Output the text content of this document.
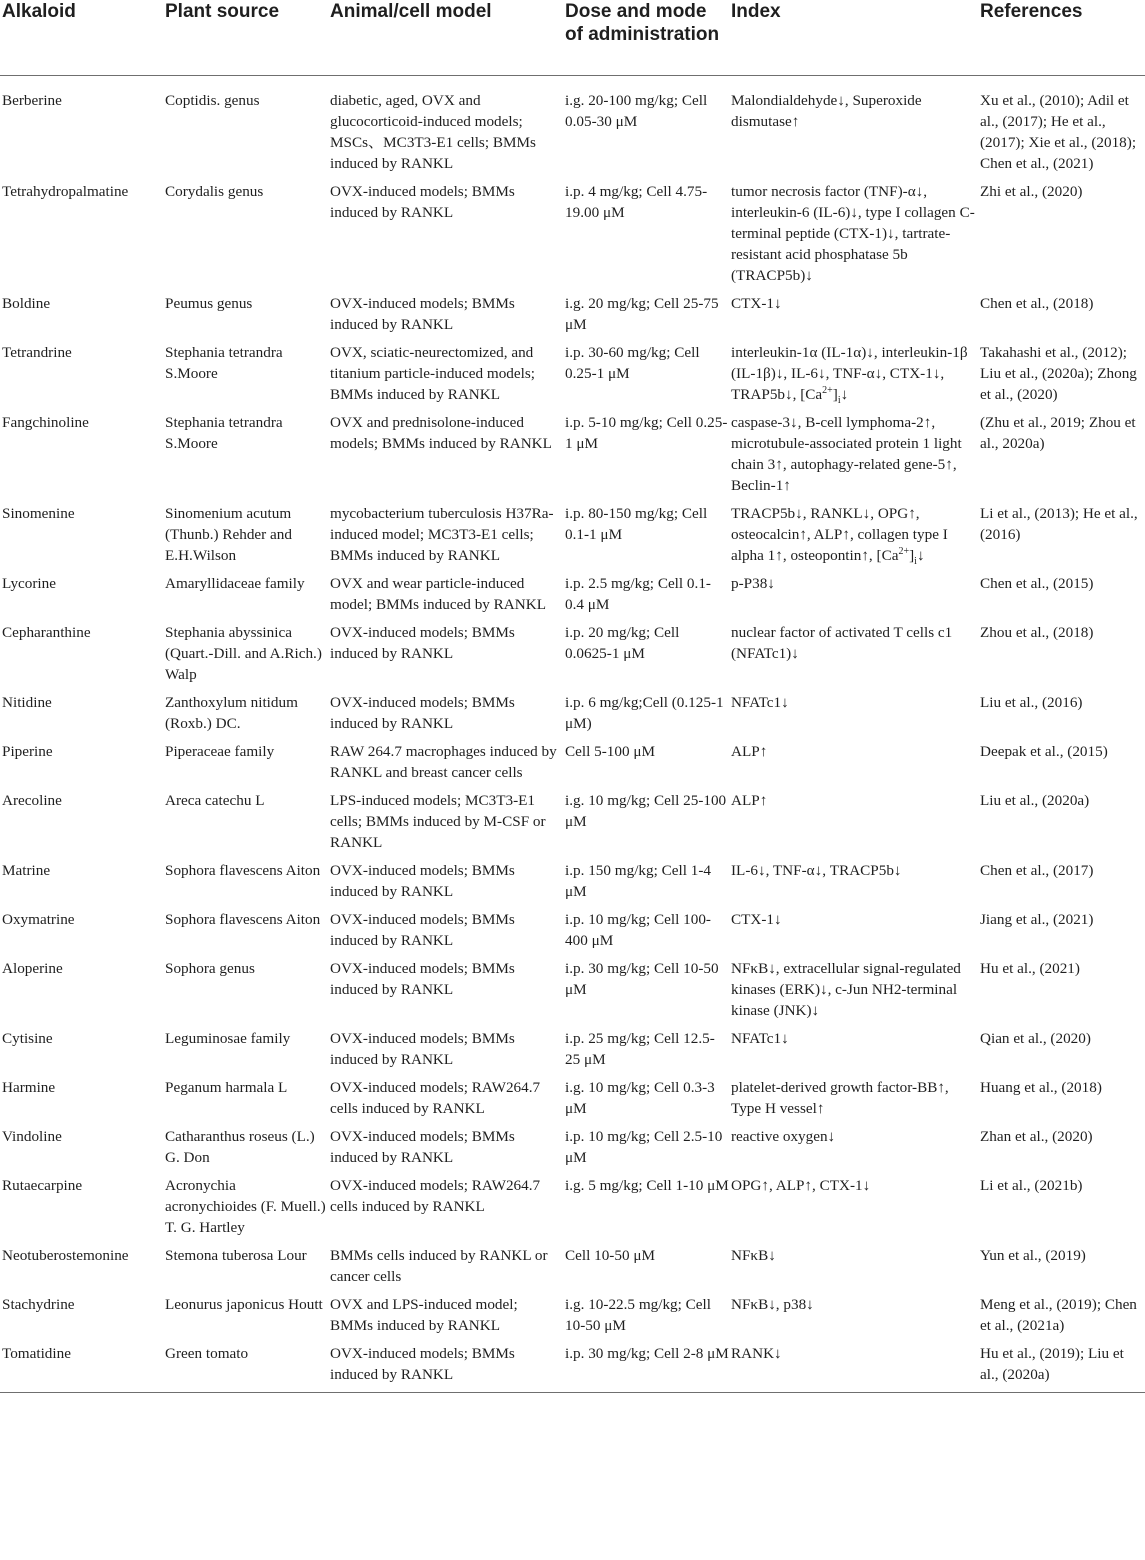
Alkaloid	Plant source	Animal/cell model	Dose and mode of administration	Index	References
Berberine	Coptidis. genus	diabetic, aged, OVX and glucocorticoid-induced models; MSCs、MC3T3-E1 cells; BMMs induced by RANKL	i.g. 20-100 mg/kg; Cell 0.05-30 μM	Malondialdehyde↓, Superoxide dismutase↑	Xu et al., (2010); Adil et al., (2017); He et al., (2017); Xie et al., (2018); Chen et al., (2021)
Tetrahydropalmatine	Corydalis genus	OVX-induced models; BMMs induced by RANKL	i.p. 4 mg/kg; Cell 4.75-19.00 μM	tumor necrosis factor (TNF)-α↓, interleukin-6 (IL-6)↓, type I collagen C-terminal peptide (CTX-1)↓, tartrate-resistant acid phosphatase 5b (TRACP5b)↓	Zhi et al., (2020)
Boldine	Peumus genus	OVX-induced models; BMMs induced by RANKL	i.g. 20 mg/kg; Cell 25-75 μM	CTX-1↓	Chen et al., (2018)
Tetrandrine	Stephania tetrandra S.Moore	OVX, sciatic-neurectomized, and titanium particle-induced models; BMMs induced by RANKL	i.p. 30-60 mg/kg; Cell 0.25-1 μM	interleukin-1α (IL-1α)↓, interleukin-1β (IL-1β)↓, IL-6↓, TNF-α↓, CTX-1↓, TRAP5b↓, $[Ca^{2+}]_i↓$	Takahashi et al., (2012); Liu et al., (2020a); Zhong et al., (2020)
Fangchinoline	Stephania tetrandra S.Moore	OVX and prednisolone-induced models; BMMs induced by RANKL	i.p. 5-10 mg/kg; Cell 0.25-1 μM	caspase-3↓, B-cell lymphoma-2↑, microtubule-associated protein 1 light chain 3↑, autophagy-related gene-5↑, Beclin-1↑	(Zhu et al., 2019; Zhou et al., 2020a)
Sinomenine	Sinomenium acutum (Thunb.) Rehder and E.H.Wilson	mycobacterium tuberculosis H37Ra-induced model; MC3T3-E1 cells; BMMs induced by RANKL	i.p. 80-150 mg/kg; Cell 0.1-1 μM	TRACP5b↓, RANKL↓, OPG↑, osteocalcin↑, ALP↑, collagen type I alpha 1↑, osteopontin↑, $[Ca^{2+}]_i↓$	Li et al., (2013); He et al., (2016)
Lycorine	Amaryllidaceae family	OVX and wear particle-induced model; BMMs induced by RANKL	i.p. 2.5 mg/kg; Cell 0.1-0.4 μM	p-P38↓	Chen et al., (2015)
Cepharanthine	Stephania abyssinica (Quart.-Dill. and A.Rich.) Walp	OVX-induced models; BMMs induced by RANKL	i.p. 20 mg/kg; Cell 0.0625-1 μM	nuclear factor of activated T cells c1 (NFATc1)↓	Zhou et al., (2018)
Nitidine	Zanthoxylum nitidum (Roxb.) DC.	OVX-induced models; BMMs induced by RANKL	i.p. 6 mg/kg;Cell (0.125-1 μM)	NFATc1↓	Liu et al., (2016)
Piperine	Piperaceae family	RAW 264.7 macrophages induced by RANKL and breast cancer cells	Cell 5-100 μM	ALP↑	Deepak et al., (2015)
Arecoline	Areca catechu L	LPS-induced models; MC3T3-E1 cells; BMMs induced by M-CSF or RANKL	i.g. 10 mg/kg; Cell 25-100 μM	ALP↑	Liu et al., (2020a)
Matrine	Sophora flavescens Aiton	OVX-induced models; BMMs induced by RANKL	i.p. 150 mg/kg; Cell 1-4 μM	IL-6↓, TNF-α↓, TRACP5b↓	Chen et al., (2017)
Oxymatrine	Sophora flavescens Aiton	OVX-induced models; BMMs induced by RANKL	i.p. 10 mg/kg; Cell 100-400 μM	CTX-1↓	Jiang et al., (2021)
Aloperine	Sophora genus	OVX-induced models; BMMs induced by RANKL	i.p. 30 mg/kg; Cell 10-50 μM	NFκB↓, extracellular signal-regulated kinases (ERK)↓, c-Jun NH2-terminal kinase (JNK)↓	Hu et al., (2021)
Cytisine	Leguminosae family	OVX-induced models; BMMs induced by RANKL	i.p. 25 mg/kg; Cell 12.5-25 μM	NFATc1↓	Qian et al., (2020)
Harmine	Peganum harmala L	OVX-induced models; RAW264.7 cells induced by RANKL	i.g. 10 mg/kg; Cell 0.3-3 μM	platelet-derived growth factor-BB↑, Type H vessel↑	Huang et al., (2018)
Vindoline	Catharanthus roseus (L.) G. Don	OVX-induced models; BMMs induced by RANKL	i.p. 10 mg/kg; Cell 2.5-10 μM	reactive oxygen↓	Zhan et al., (2020)
Rutaecarpine	Acronychia acronychioides (F. Muell.) T. G. Hartley	OVX-induced models; RAW264.7 cells induced by RANKL	i.g. 5 mg/kg; Cell 1-10 μM	OPG↑, ALP↑, CTX-1↓	Li et al., (2021b)
Neotuberostemonine	Stemona tuberosa Lour	BMMs cells induced by RANKL or cancer cells	Cell 10-50 μM	NFκB↓	Yun et al., (2019)
Stachydrine	Leonurus japonicus Houtt	OVX and LPS-induced model; BMMs induced by RANKL	i.g. 10-22.5 mg/kg; Cell 10-50 μM	NFκB↓, p38↓	Meng et al., (2019); Chen et al., (2021a)
Tomatidine	Green tomato	OVX-induced models; BMMs induced by RANKL	i.p. 30 mg/kg; Cell 2-8 μM	RANK↓	Hu et al., (2019); Liu et al., (2020a)
